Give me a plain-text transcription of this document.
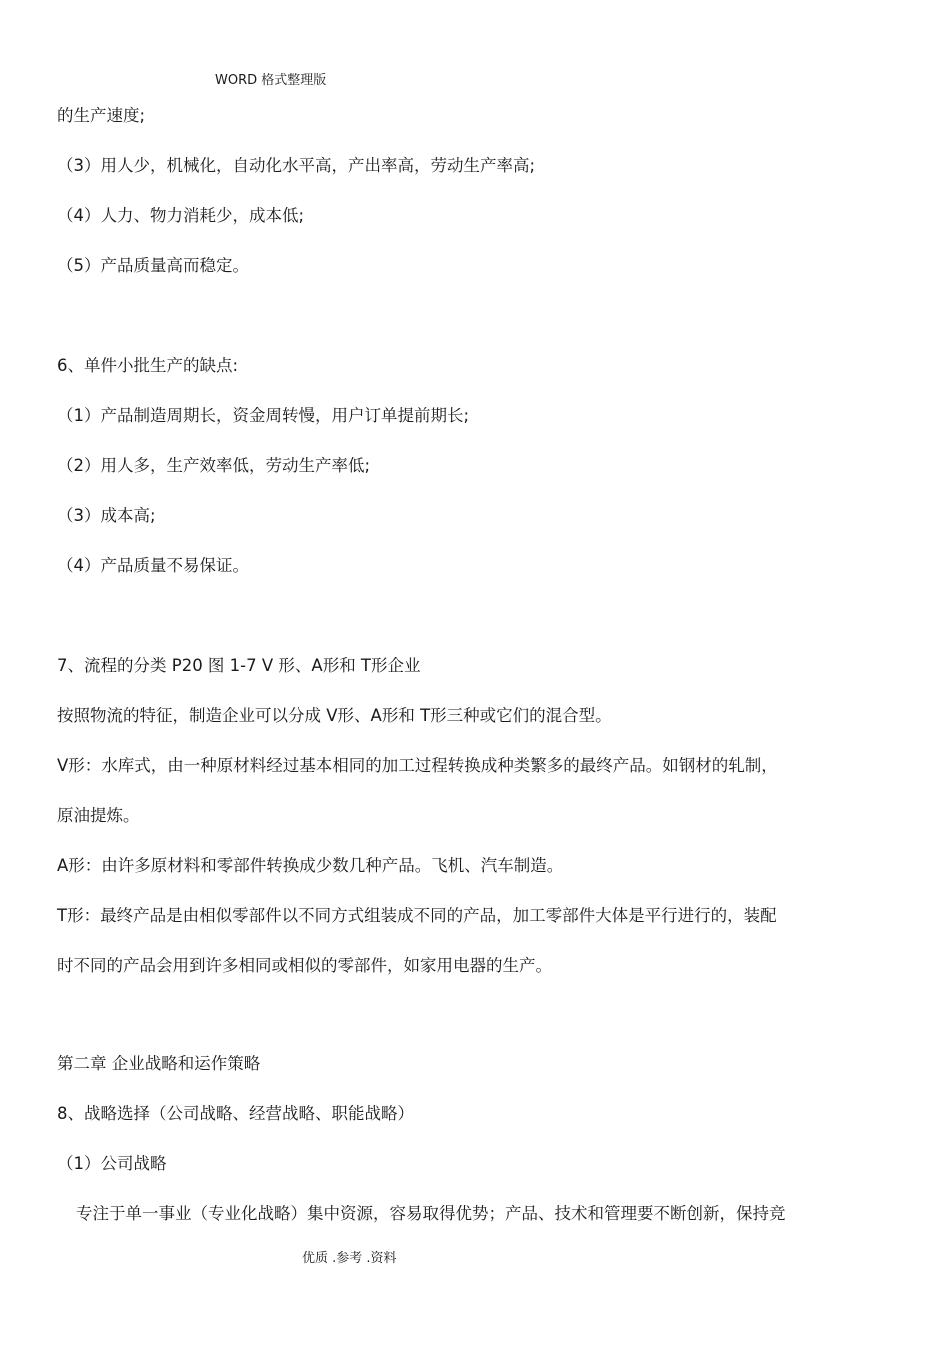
WORD 格式整理版
的生产速度;
（3）用人少，机械化，自动化水平高，产出率高，劳动生产率高;
（4）人力、物力消耗少，成本低;
（5）产品质量高而稳定。
6、单件小批生产的缺点:
（1）产品制造周期长，资金周转慢，用户订单提前期长;
（2）用人多，生产效率低，劳动生产率低;
（3）成本高;
（4）产品质量不易保证。
7、流程的分类 P20 图 1-7 V 形、A形和 T形企业
按照物流的特征，制造企业可以分成 V形、A形和 T形三种或它们的混合型。
V形：水库式，由一种原材料经过基本相同的加工过程转换成种类繁多的最终产品。如钢材的轧制，
原油提炼。
A形：由许多原材料和零部件转换成少数几种产品。飞机、汽车制造。
T形：最终产品是由相似零部件以不同方式组装成不同的产品，加工零部件大体是平行进行的，装配
时不同的产品会用到许多相同或相似的零部件，如家用电器的生产。
第二章 企业战略和运作策略
8、战略选择（公司战略、经营战略、职能战略）
（1）公司战略
专注于单一事业（专业化战略）集中资源，容易取得优势；产品、技术和管理要不断创新，保持竞
优质 .参考 .资料
